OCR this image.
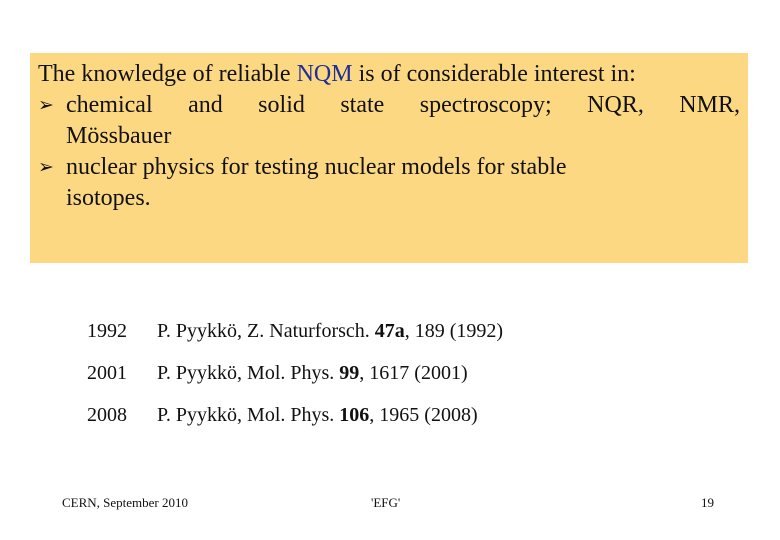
The knowledge of reliable NQM is of considerable interest in:
➢ chemical and solid state spectroscopy; NQR, NMR,
Mössbauer
➢ nuclear physics for testing nuclear models for stable
isotopes.
1992	P. Pyykkö, Z. Naturforsch. 47a, 189 (1992)
2001	P. Pyykkö, Mol. Phys. 99, 1617 (2001)
2008	P. Pyykkö, Mol. Phys. 106, 1965 (2008)
CERN, September 2010	'EFG'	19
